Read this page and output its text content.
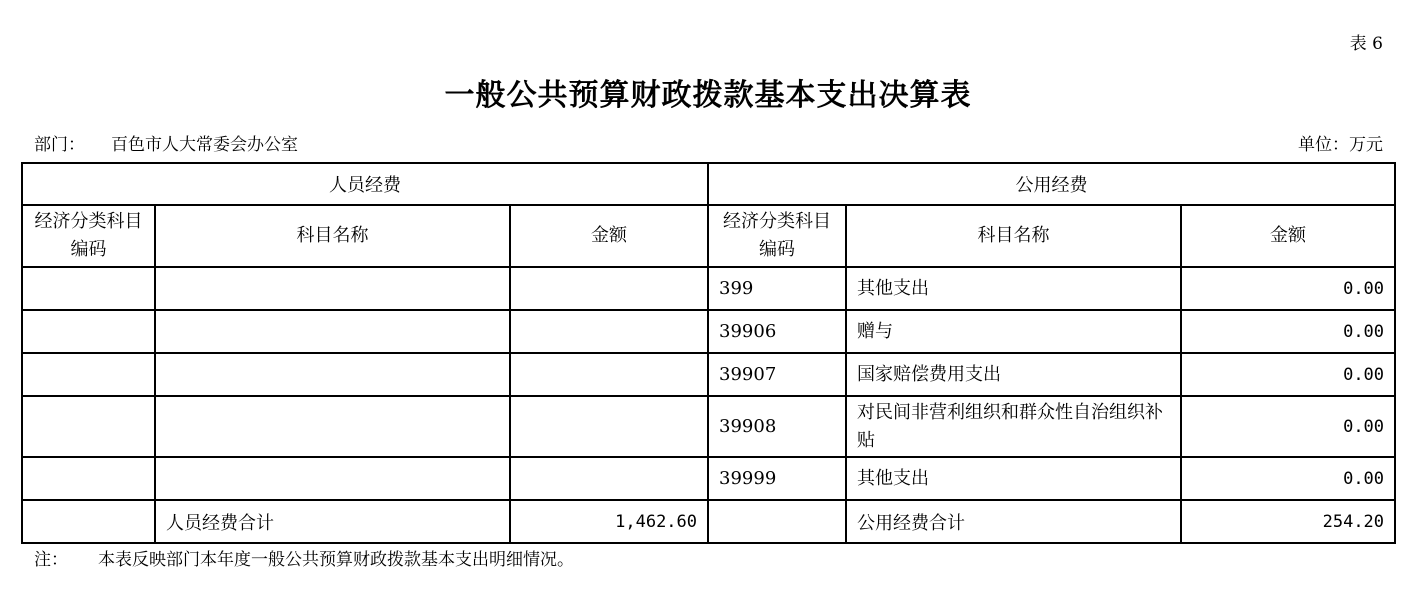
表 6
一般公共预算财政拨款基本支出决算表
部门： 百色市人大常委会办公室	单位：万元
人员经费			公用经费		
经济分类科目编码	科目名称	金额	经济分类科目编码	科目名称	金额
			399	其他支出	0.00
			39906	赠与	0.00
			39907	国家赔偿费用支出	0.00
			39908	对民间非营利组织和群众性自治组织补贴	0.00
			39999	其他支出	0.00
	人员经费合计	1,462.60		公用经费合计	254.20
注： 本表反映部门本年度一般公共预算财政拨款基本支出明细情况。
